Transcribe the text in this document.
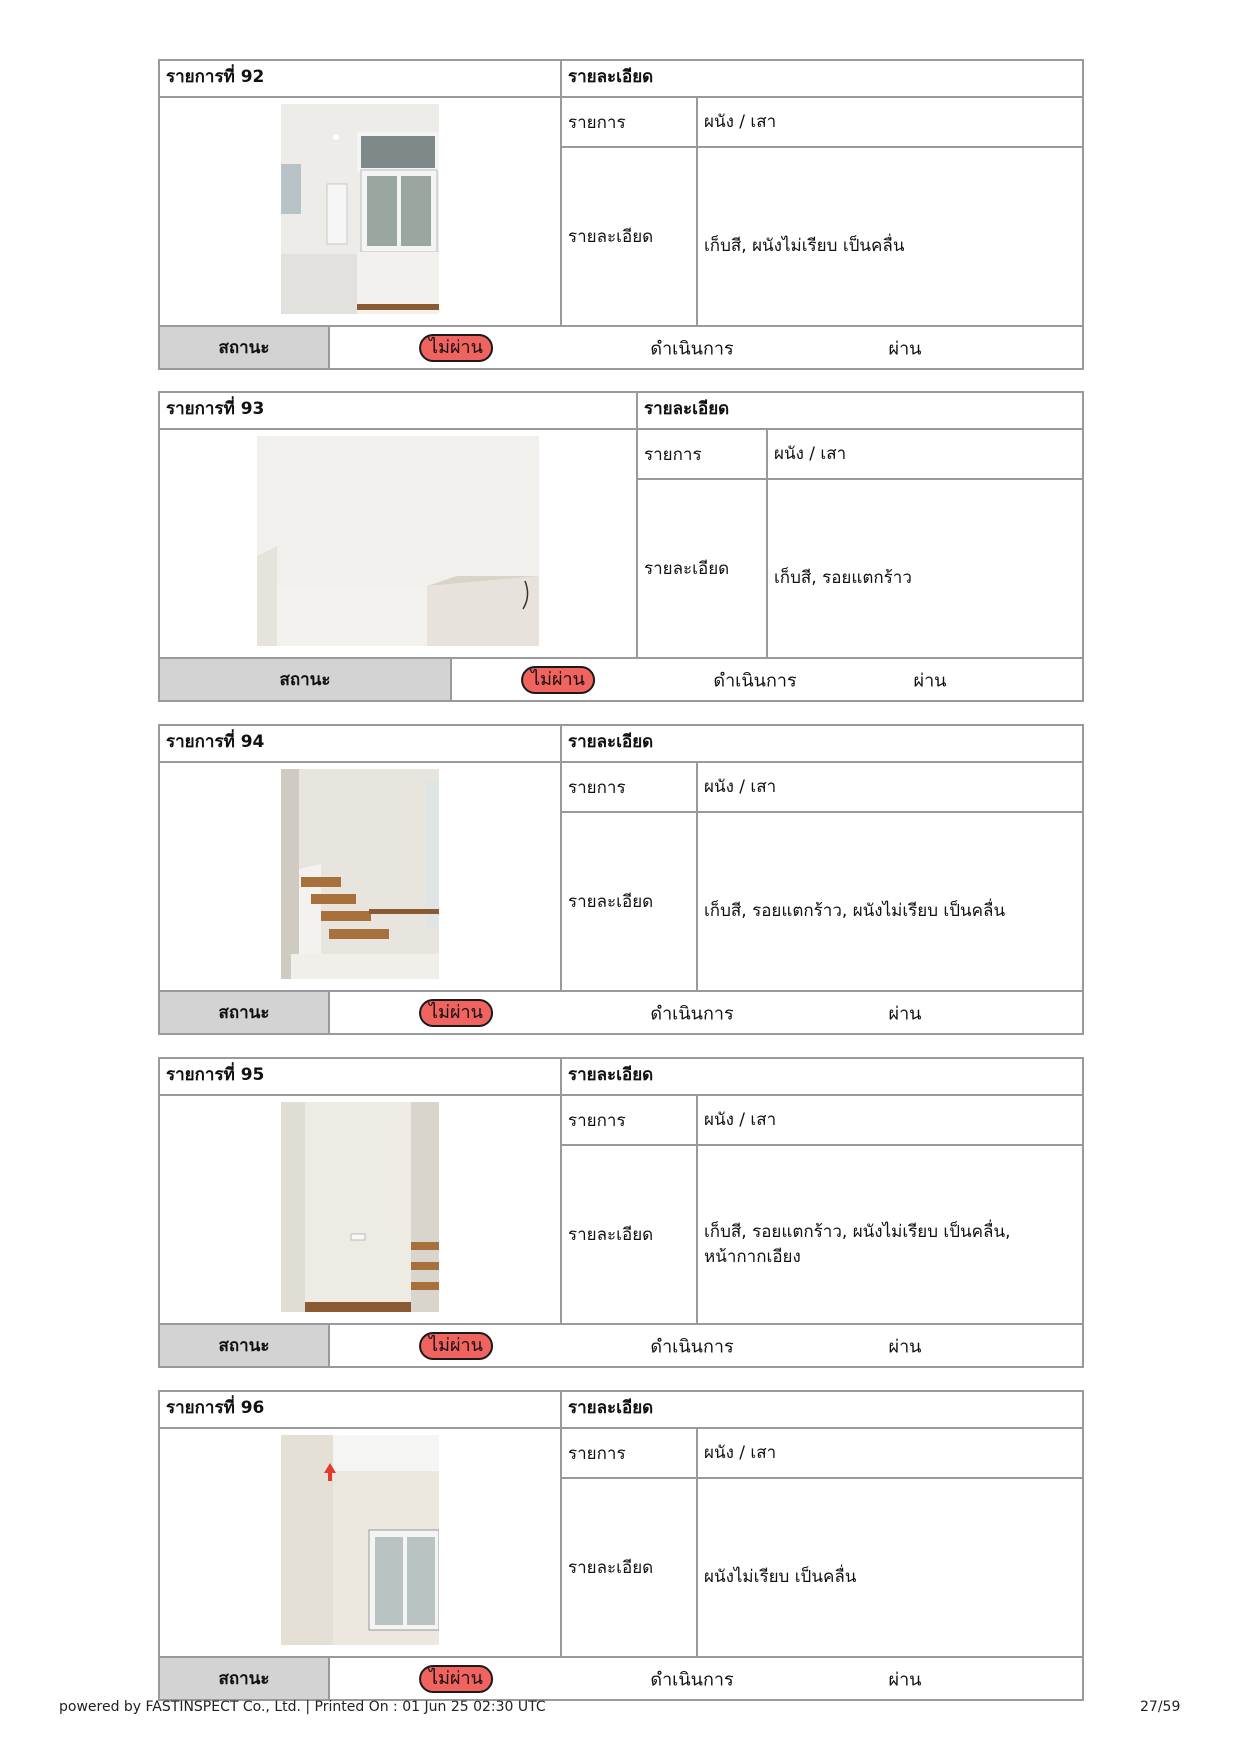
รายการที่ 92	รายละเอียด
รายการ	ผนัง / เสา
รายละเอียด	เก็บสี, ผนังไม่เรียบ เป็นคลื่น
สถานะ	ไม่ผ่าน	ดำเนินการ	ผ่าน
รายการที่ 93	รายละเอียด
รายการ	ผนัง / เสา
รายละเอียด	เก็บสี, รอยแตกร้าว
สถานะ	ไม่ผ่าน	ดำเนินการ	ผ่าน
รายการที่ 94	รายละเอียด
รายการ	ผนัง / เสา
รายละเอียด	เก็บสี, รอยแตกร้าว, ผนังไม่เรียบ เป็นคลื่น
สถานะ	ไม่ผ่าน	ดำเนินการ	ผ่าน
รายการที่ 95	รายละเอียด
รายการ	ผนัง / เสา
รายละเอียด	เก็บสี, รอยแตกร้าว, ผนังไม่เรียบ เป็นคลื่น, หน้ากากเอียง
สถานะ	ไม่ผ่าน	ดำเนินการ	ผ่าน
รายการที่ 96	รายละเอียด
รายการ	ผนัง / เสา
รายละเอียด	ผนังไม่เรียบ เป็นคลื่น
สถานะ	ไม่ผ่าน	ดำเนินการ	ผ่าน
powered by FASTINSPECT Co., Ltd. | Printed On : 01 Jun 25 02:30 UTC	27/59
